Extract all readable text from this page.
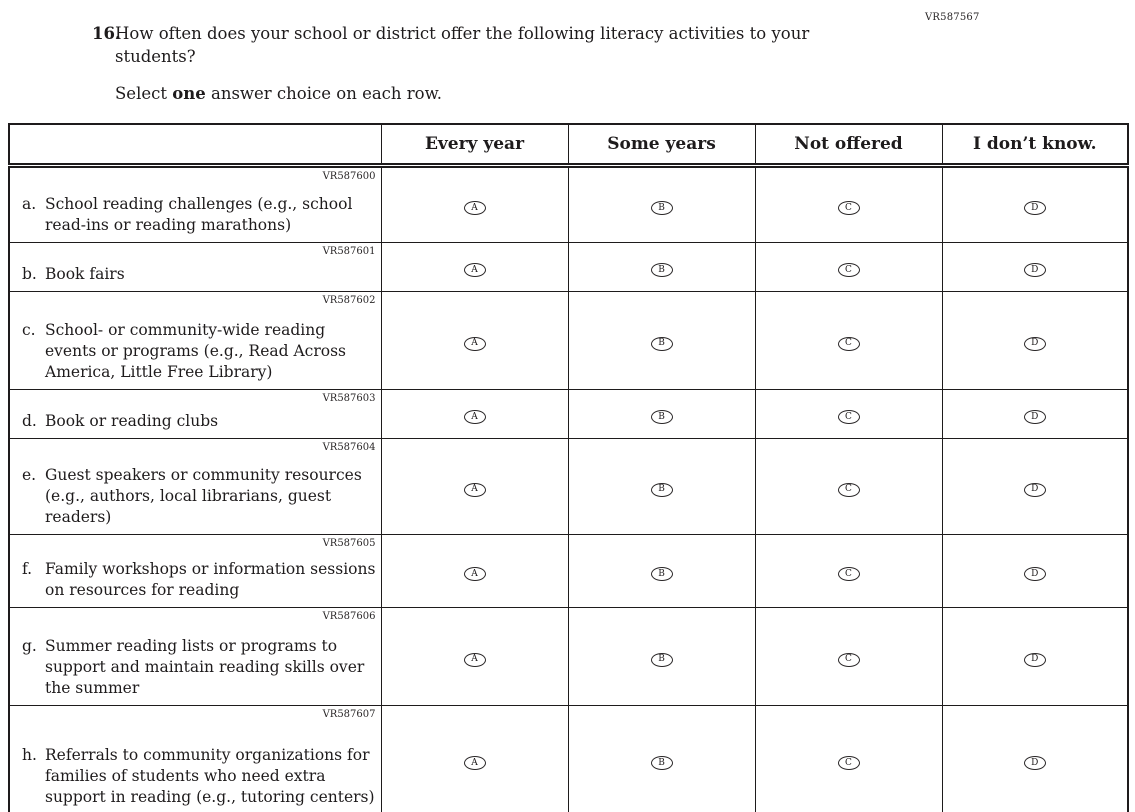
VR587567
16.

How often does your school or district offer the following literacy activities to your students?

Select one answer choice on each row.

	Every year	Some years	Not offered	I don’t know.

VR587600
a. School reading challenges (e.g., school read-ins or reading marathons)	A	B	C	D

VR587601
b. Book fairs	A	B	C	D

VR587602
c. School- or community-wide reading events or programs (e.g., Read Across America, Little Free Library)	A	B	C	D

VR587603
d. Book or reading clubs	A	B	C	D

VR587604
e. Guest speakers or community resources (e.g., authors, local librarians, guest readers)	A	B	C	D

VR587605
f. Family workshops or information sessions on resources for reading	A	B	C	D

VR587606
g. Summer reading lists or programs to support and maintain reading skills over the summer	A	B	C	D

VR587607
h. Referrals to community organizations for families of students who need extra support in reading (e.g., tutoring centers)	A	B	C	D
